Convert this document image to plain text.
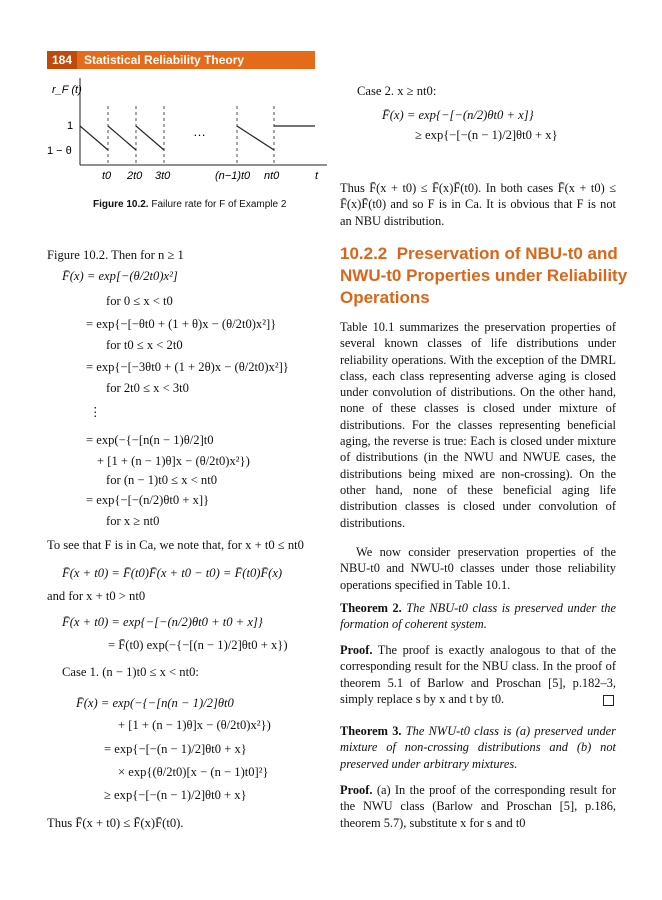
184 Statistical Reliability Theory
r_F (t)
1
1 − θ
…
t0 2t0 3t0	(n−1)t0 nt0	t
Figure 10.2. Failure rate for F of Example 2
Figure 10.2. Then for n ≥ 1
F̄(x) = exp[−(θ/2t0)x²]
for 0 ≤ x < t0
= exp{−[−θt0 + (1 + θ)x − (θ/2t0)x²]}
for t0 ≤ x < 2t0
= exp{−[−3θt0 + (1 + 2θ)x − (θ/2t0)x²]}
for 2t0 ≤ x < 3t0
⋮
= exp(−{−[n(n − 1)θ/2]t0
+ [1 + (n − 1)θ]x − (θ/2t0)x²})
for (n − 1)t0 ≤ x < nt0
= exp{−[−(n/2)θt0 + x]}
for x ≥ nt0
To see that F is in Ca, we note that, for x + t0 ≤ nt0
F̄(x + t0) = F̄(t0)F̄(x + t0 − t0) = F̄(t0)F̄(x)
and for x + t0 > nt0
F̄(x + t0) = exp{−[−(n/2)θt0 + t0 + x]}
= F̄(t0) exp(−{−[(n − 1)/2]θt0 + x})
Case 1. (n − 1)t0 ≤ x < nt0:
F̄(x) = exp(−{−[n(n − 1)/2]θt0
+ [1 + (n − 1)θ]x − (θ/2t0)x²})
= exp{−[−(n − 1)/2]θt0 + x}
× exp{(θ/2t0)[x − (n − 1)t0]²}
≥ exp{−[−(n − 1)/2]θt0 + x}
Thus F̄(x + t0) ≤ F̄(x)F̄(t0).
Case 2. x ≥ nt0:
F̄(x) = exp{−[−(n/2)θt0 + x]}
≥ exp{−[−(n − 1)/2]θt0 + x}
Thus F̄(x + t0) ≤ F̄(x)F̄(t0). In both cases F̄(x + t0) ≤ F̄(x)F̄(t0) and so F is in Ca. It is obvious that F is not an NBU distribution.
10.2.2 Preservation of NBU-t0 and NWU-t0 Properties under Reliability Operations
Table 10.1 summarizes the preservation properties of several known classes of life distributions under reliability operations. With the exception of the DMRL class, each class representing adverse aging is closed under convolution of distributions. On the other hand, none of these classes is closed under mixture of distributions. For the classes representing beneficial aging, the reverse is true: Each is closed under mixture of distributions (in the NWU and NWUE cases, the distributions being mixed are non-crossing). On the other hand, none of these beneficial aging life distribution classes is closed under convolution of distributions.
We now consider preservation properties of the NBU-t0 and NWU-t0 classes under those reliability operations specified in Table 10.1.
Theorem 2. The NBU-t0 class is preserved under the formation of coherent system.
Proof. The proof is exactly analogous to that of the corresponding result for the NBU class. In the proof of theorem 5.1 of Barlow and Proschan [5], p.182–3, simply replace s by x and t by t0.
Theorem 3. The NWU-t0 class is (a) preserved under mixture of non-crossing distributions and (b) not preserved under arbitrary mixtures.
Proof. (a) In the proof of the corresponding result for the NWU class (Barlow and Proschan [5], p.186, theorem 5.7), substitute x for s and t0
